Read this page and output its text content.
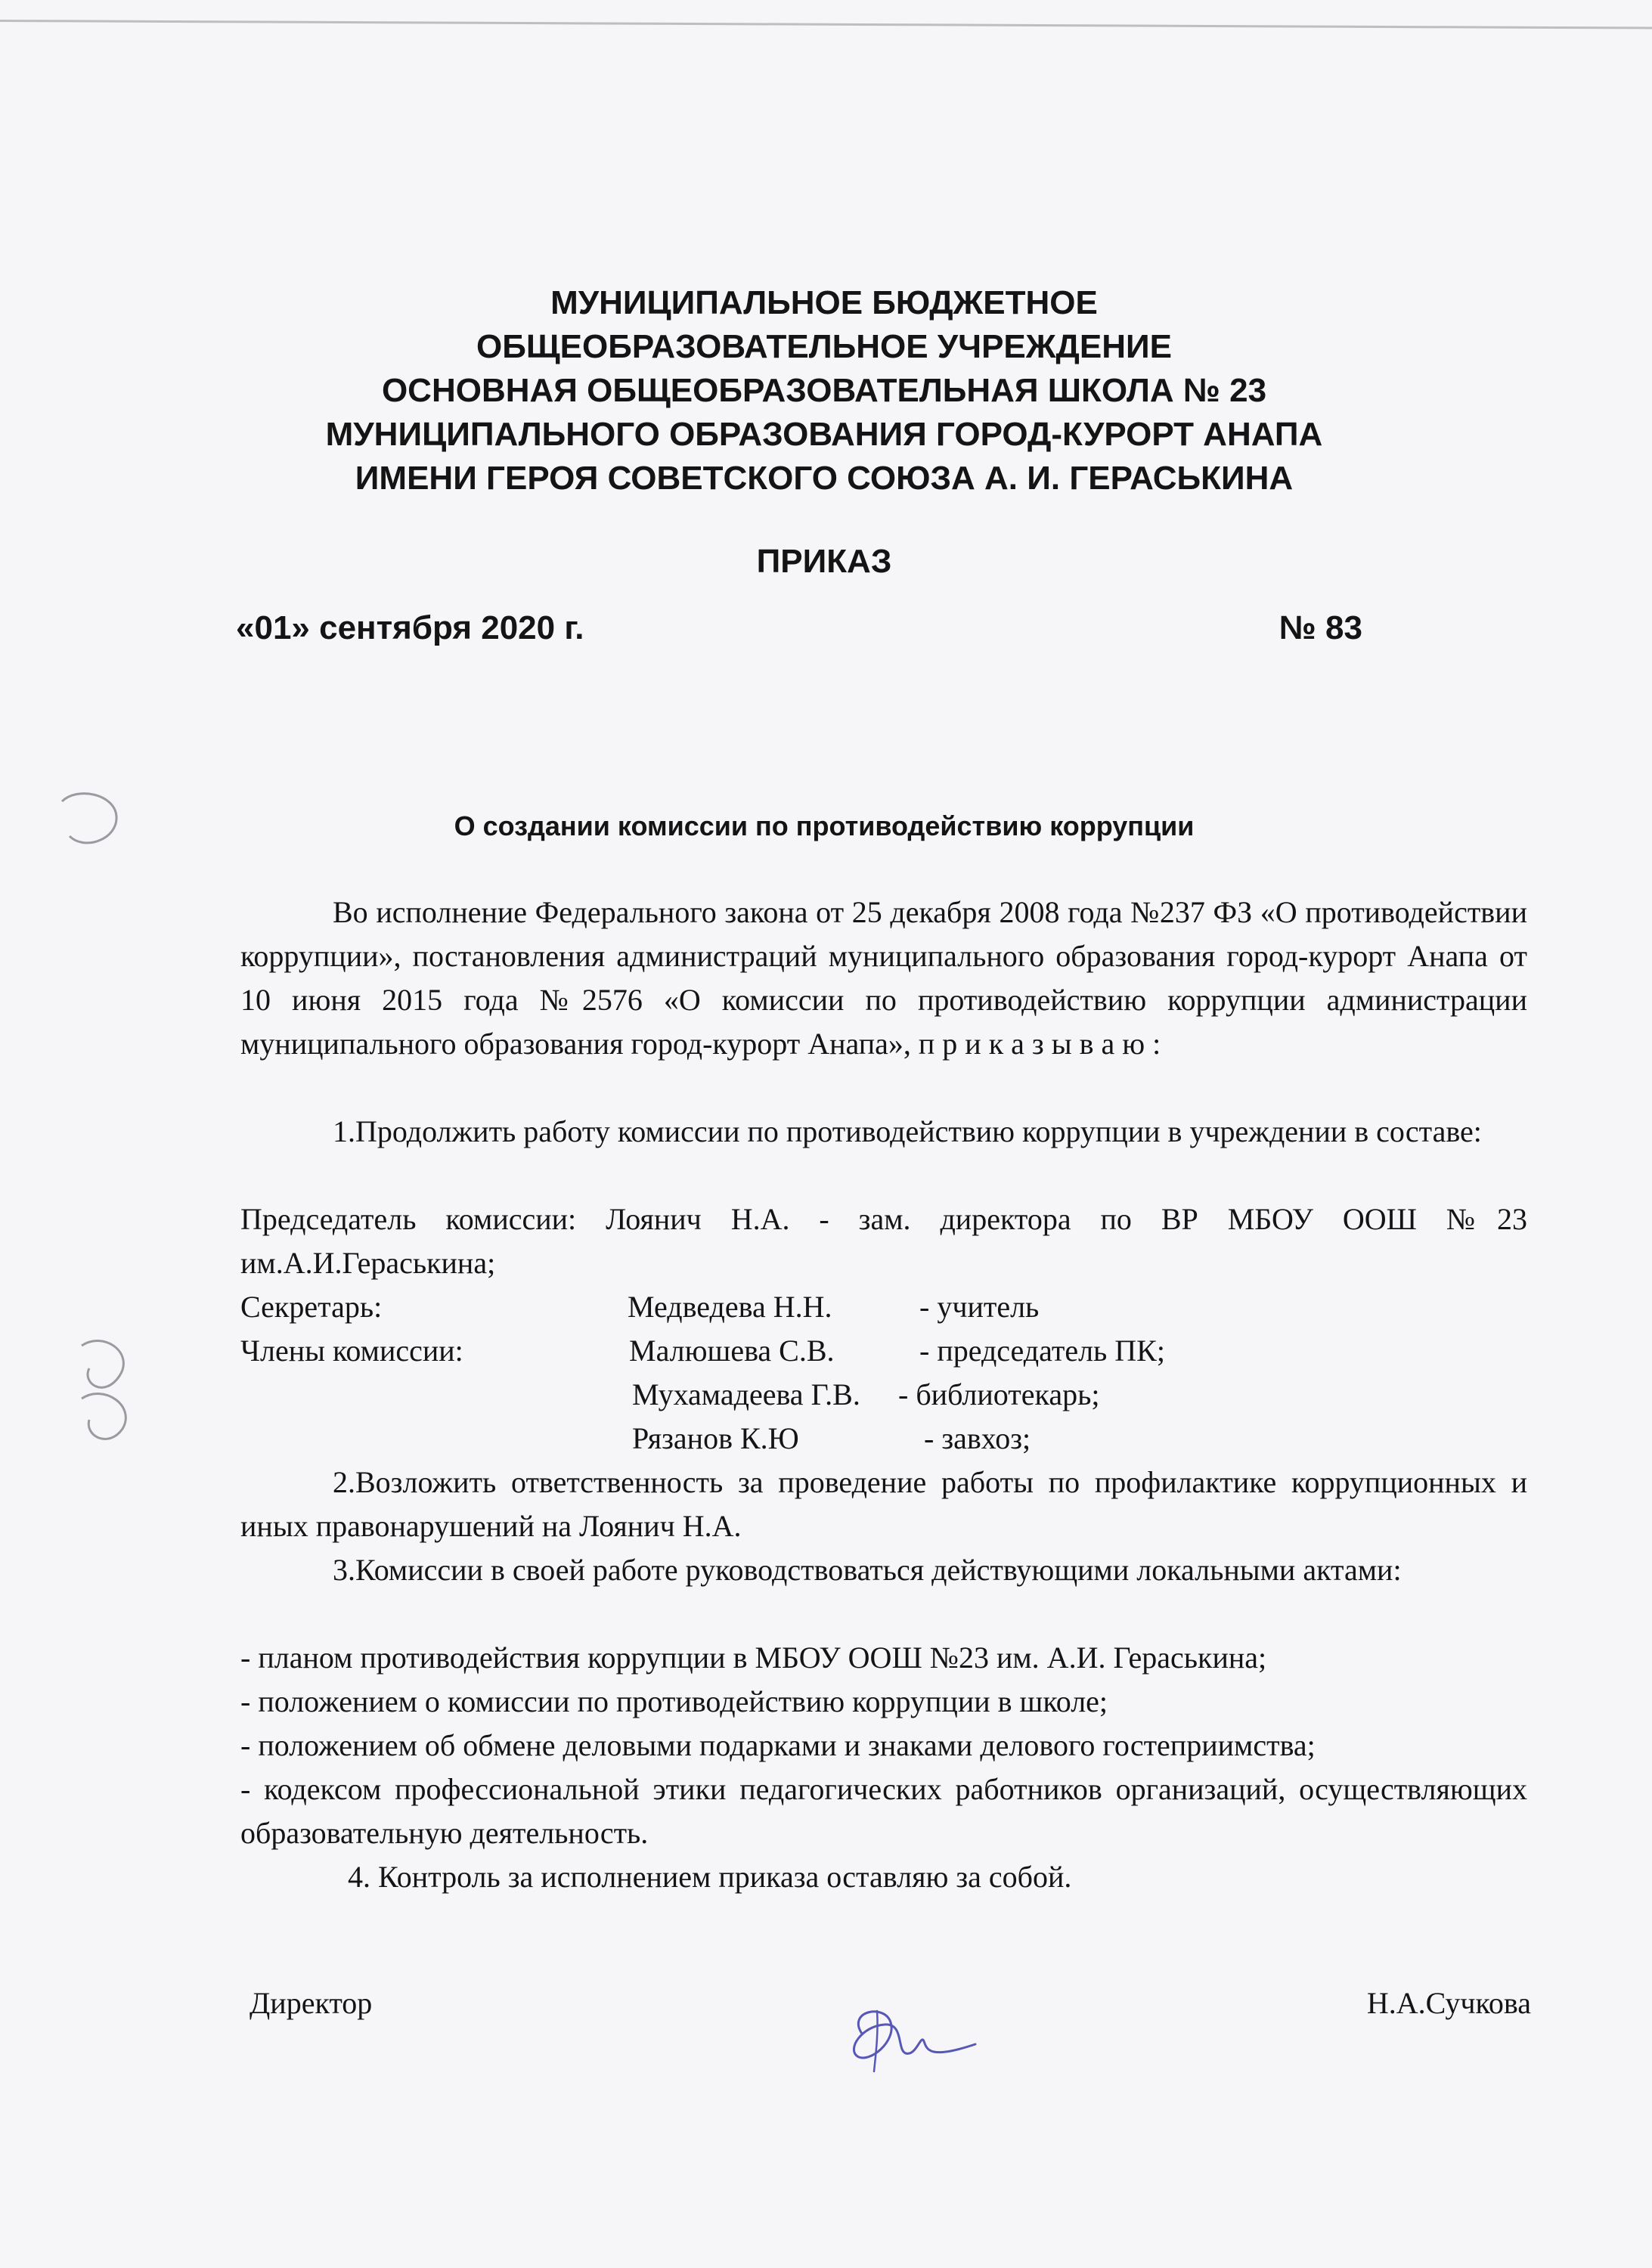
МУНИЦИПАЛЬНОЕ БЮДЖЕТНОЕ
ОБЩЕОБРАЗОВАТЕЛЬНОЕ УЧРЕЖДЕНИЕ
ОСНОВНАЯ ОБЩЕОБРАЗОВАТЕЛЬНАЯ ШКОЛА № 23
МУНИЦИПАЛЬНОГО ОБРАЗОВАНИЯ ГОРОД-КУРОРТ АНАПА
ИМЕНИ ГЕРОЯ СОВЕТСКОГО СОЮЗА А. И. ГЕРАСЬКИНА
ПРИКАЗ
«01» сентября 2020 г.	№ 83
О создании комиссии по противодействию коррупции
Во исполнение Федерального закона от 25 декабря 2008 года №237 ФЗ «О противодействии коррупции», постановления администраций муниципального образования город-курорт Анапа от 10 июня 2015 года №2576 «О комиссии по противодействию коррупции администрации муниципального образования город-курорт Анапа», п р и к а з ы в а ю :
1.Продолжить работу комиссии по противодействию коррупции в учреждении в составе:
Председатель комиссии: Лоянич Н.А. - зам. директора по ВР МБОУ ООШ №23 им.А.И.Гераськина;
Секретарь:	Медведева Н.Н.	- учитель
Члены комиссии:	Малюшева С.В.	- председатель ПК;
Мухамадеева Г.В. - библиотекарь;
Рязанов К.Ю	- завхоз;
2.Возложить ответственность за проведение работы по профилактике коррупционных и иных правонарушений на Лоянич Н.А.
3.Комиссии в своей работе руководствоваться действующими локальными актами:
- планом противодействия коррупции в МБОУ ООШ №23 им. А.И. Гераськина;
- положением о комиссии по противодействию коррупции в школе;
- положением об обмене деловыми подарками и знаками делового гостеприимства;
- кодексом профессиональной этики педагогических работников организаций, осуществляющих образовательную деятельность.
4. Контроль за исполнением приказа оставляю за собой.
Директор	Н.А.Сучкова
